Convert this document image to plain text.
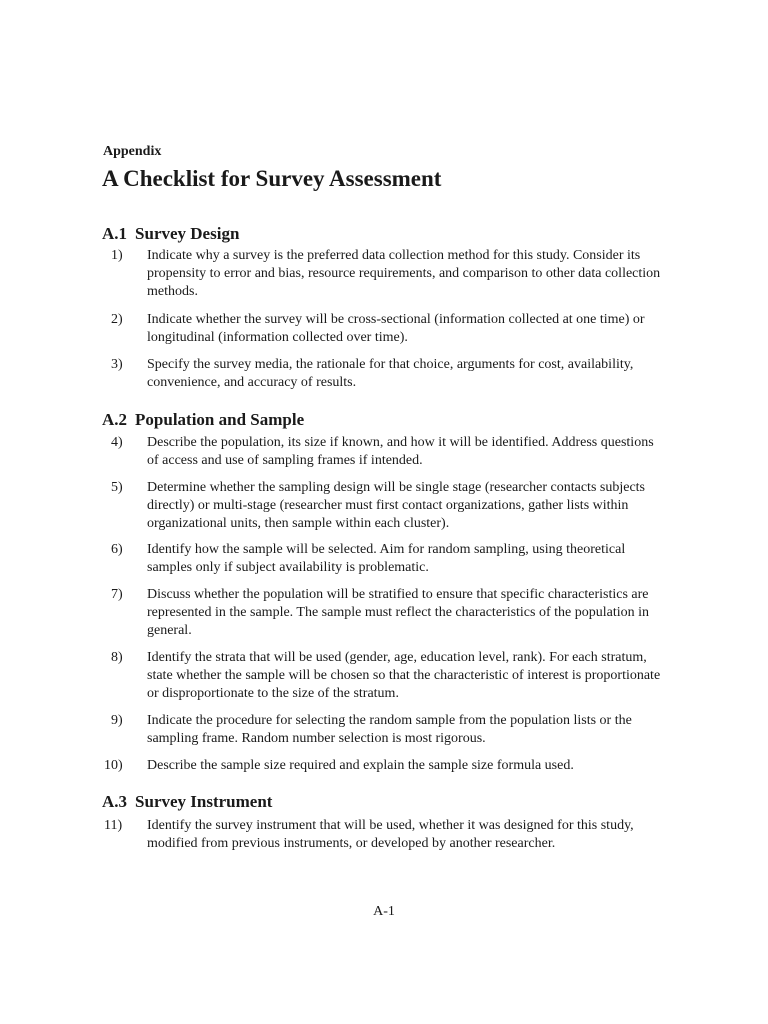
Appendix
A Checklist for Survey Assessment
A.1 Survey Design
1)	Indicate why a survey is the preferred data collection method for this study. Consider its propensity to error and bias, resource requirements, and comparison to other data collection methods.
2)	Indicate whether the survey will be cross-sectional (information collected at one time) or longitudinal (information collected over time).
3)	Specify the survey media, the rationale for that choice, arguments for cost, availability, convenience, and accuracy of results.
A.2 Population and Sample
4)	Describe the population, its size if known, and how it will be identified. Address questions of access and use of sampling frames if intended.
5)	Determine whether the sampling design will be single stage (researcher contacts subjects directly) or multi-stage (researcher must first contact organizations, gather lists within organizational units, then sample within each cluster).
6)	Identify how the sample will be selected. Aim for random sampling, using theoretical samples only if subject availability is problematic.
7)	Discuss whether the population will be stratified to ensure that specific characteristics are represented in the sample. The sample must reflect the characteristics of the population in general.
8)	Identify the strata that will be used (gender, age, education level, rank). For each stratum, state whether the sample will be chosen so that the characteristic of interest is proportionate or disproportionate to the size of the stratum.
9)	Indicate the procedure for selecting the random sample from the population lists or the sampling frame. Random number selection is most rigorous.
10)	Describe the sample size required and explain the sample size formula used.
A.3 Survey Instrument
11)	Identify the survey instrument that will be used, whether it was designed for this study, modified from previous instruments, or developed by another researcher.
A-1
